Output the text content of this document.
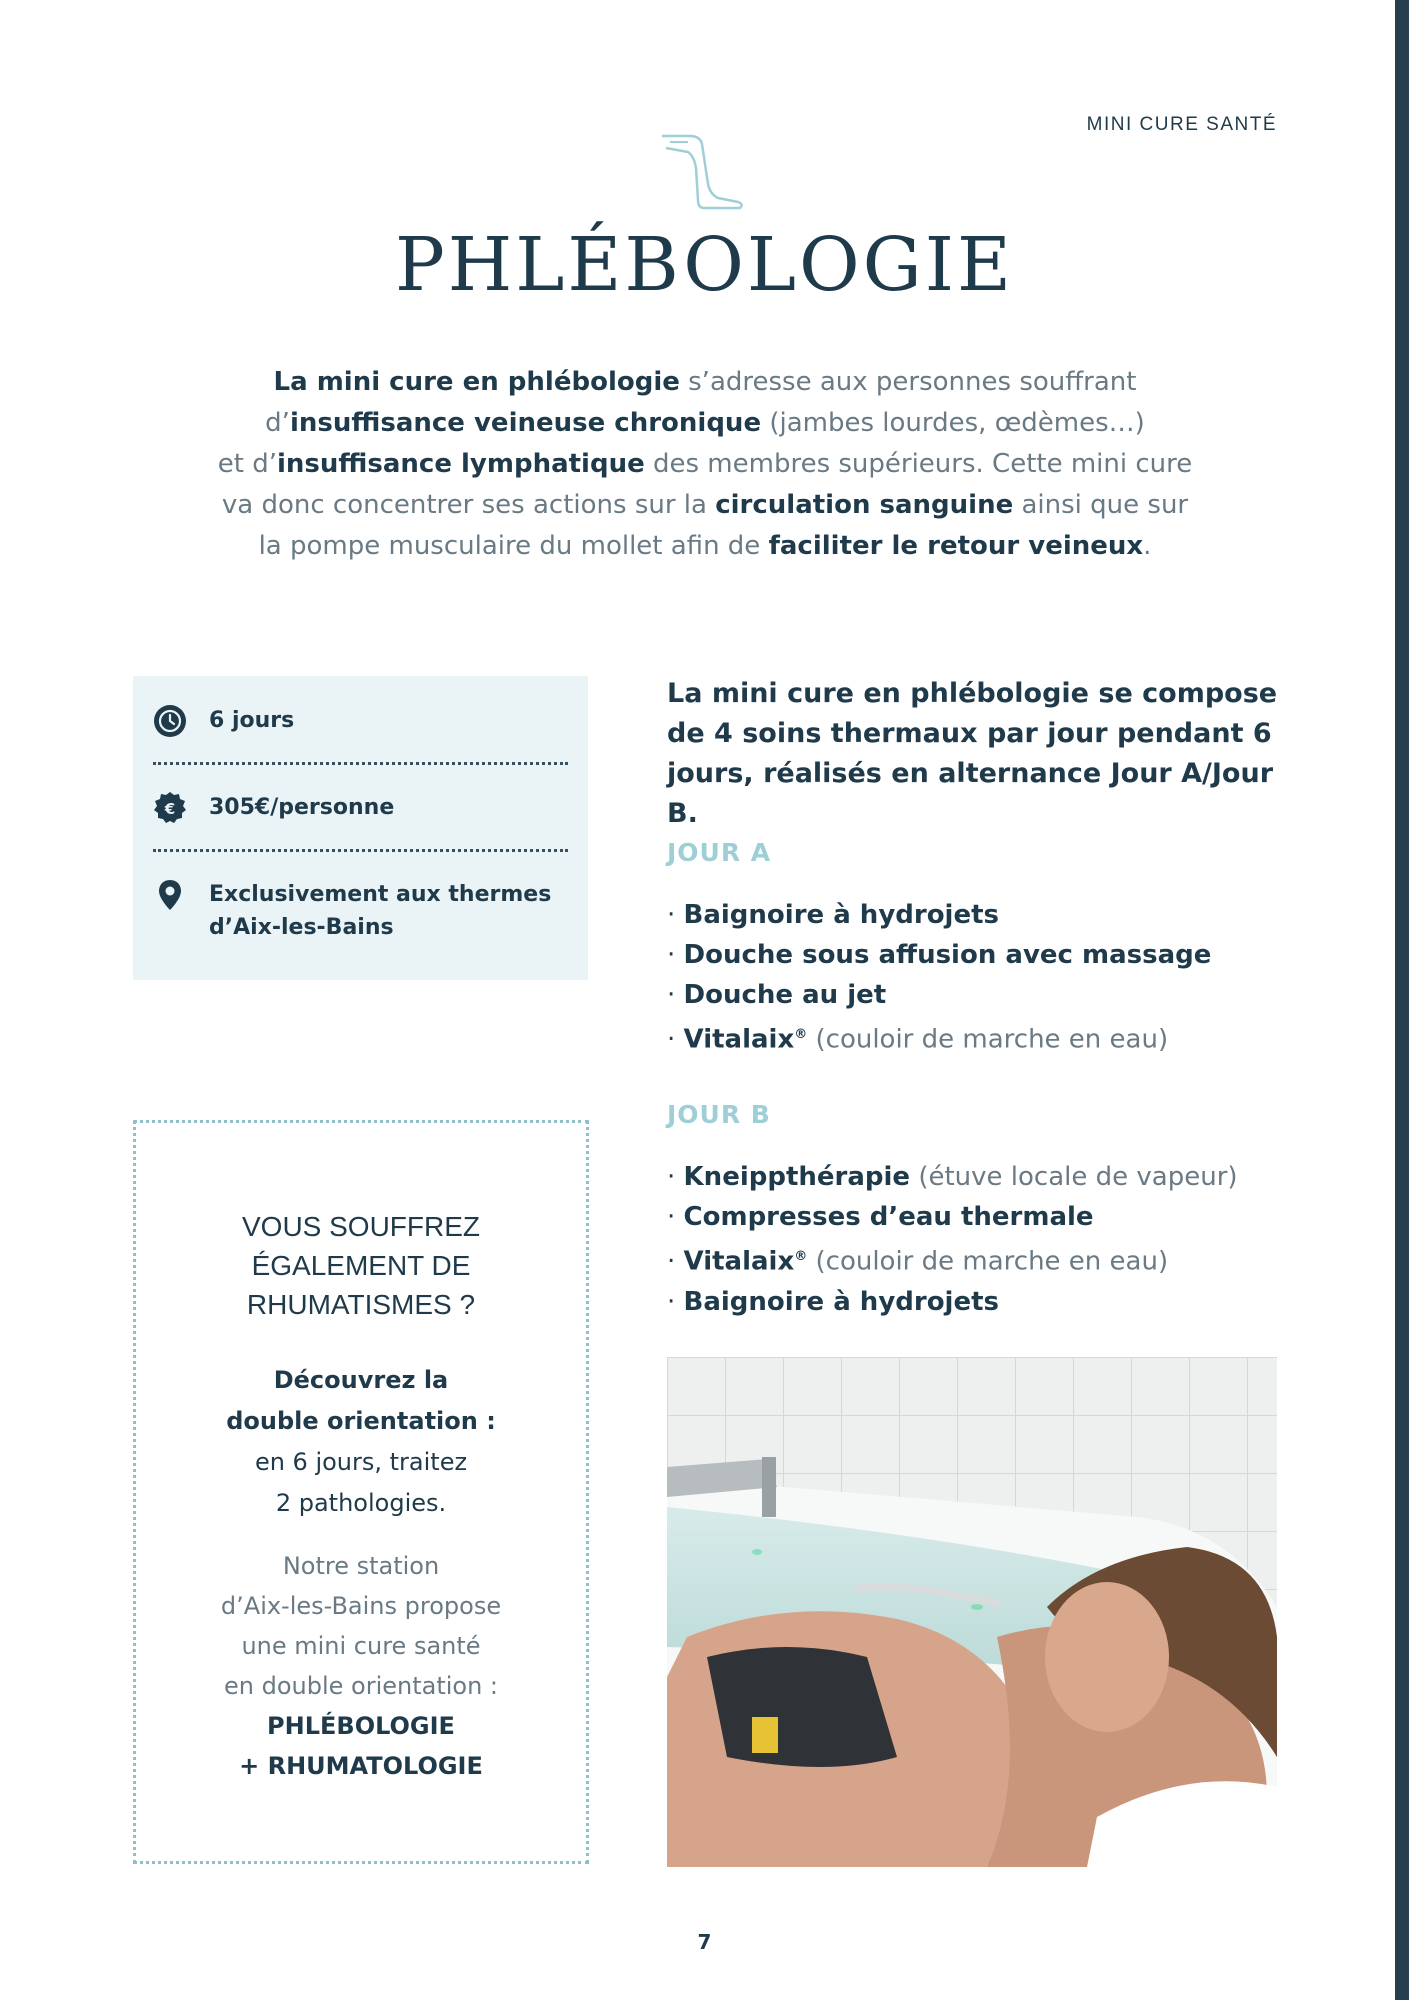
MINI CURE SANTÉ
PHLÉBOLOGIE

La mini cure en phlébologie s’adresse aux personnes souffrant

d’insuffisance veineuse chronique (jambes lourdes, œdèmes…)

et d’insuffisance lymphatique des membres supérieurs. Cette mini cure

va donc concentrer ses actions sur la circulation sanguine ainsi que sur

la pompe musculaire du mollet afin de faciliter le retour veineux.

6 jours
€ 305€/personne
Exclusivement aux thermes
d’Aix-les-Bains
VOUS SOUFFREZ
ÉGALEMENT DE
RHUMATISMES ?
Découvrez la
double orientation :
en 6 jours, traitez
2 pathologies.
Notre station
d’Aix-les-Bains propose
une mini cure santé
en double orientation :
PHLÉBOLOGIE
+ RHUMATOLOGIE
La mini cure en phlébologie se compose
de 4 soins thermaux par jour pendant 6
jours, réalisés en alternance Jour A/Jour B.
JOUR A
· Baignoire à hydrojets
· Douche sous affusion avec massage
· Douche au jet
· Vitalaix® (couloir de marche en eau)
JOUR B
· Kneippthérapie (étuve locale de vapeur)
· Compresses d’eau thermale
· Vitalaix® (couloir de marche en eau)
· Baignoire à hydrojets
7
